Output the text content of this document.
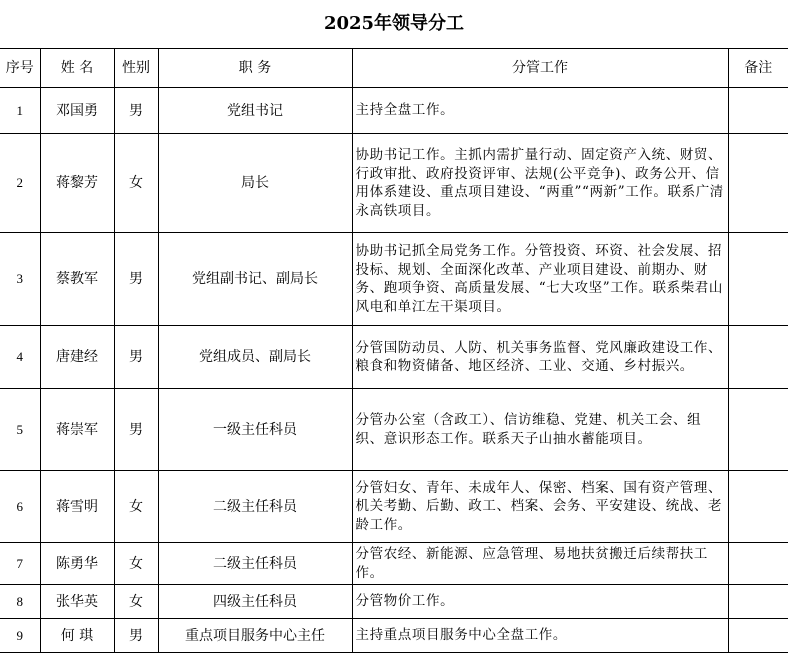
2025年领导分工
序号	姓 名	性别	职 务	分管工作	备注
1	邓国勇	男	党组书记	主持全盘工作。	
2	蒋黎芳	女	局长	协助书记工作。主抓内需扩量行动、固定资产入统、财贸、行政审批、政府投资评审、法规(公平竞争)、政务公开、信用体系建设、重点项目建设、“两重”“两新”工作。联系广清永高铁项目。	
3	蔡教军	男	党组副书记、副局长	协助书记抓全局党务工作。分管投资、环资、社会发展、招投标、规划、全面深化改革、产业项目建设、前期办、财务、跑项争资、高质量发展、“七大攻坚”工作。联系柴君山风电和单江左干渠项目。	
4	唐建经	男	党组成员、副局长	分管国防动员、人防、机关事务监督、党风廉政建设工作、粮食和物资储备、地区经济、工业、交通、乡村振兴。	
5	蒋崇军	男	一级主任科员	分管办公室（含政工）、信访维稳、党建、机关工会、组织、意识形态工作。联系天子山抽水蓄能项目。	
6	蒋雪明	女	二级主任科员	分管妇女、青年、未成年人、保密、档案、国有资产管理、机关考勤、后勤、政工、档案、会务、平安建设、统战、老龄工作。	
7	陈勇华	女	二级主任科员	分管农经、新能源、应急管理、易地扶贫搬迁后续帮扶工作。	
8	张华英	女	四级主任科员	分管物价工作。	
9	何 琪	男	重点项目服务中心主任	主持重点项目服务中心全盘工作。	
